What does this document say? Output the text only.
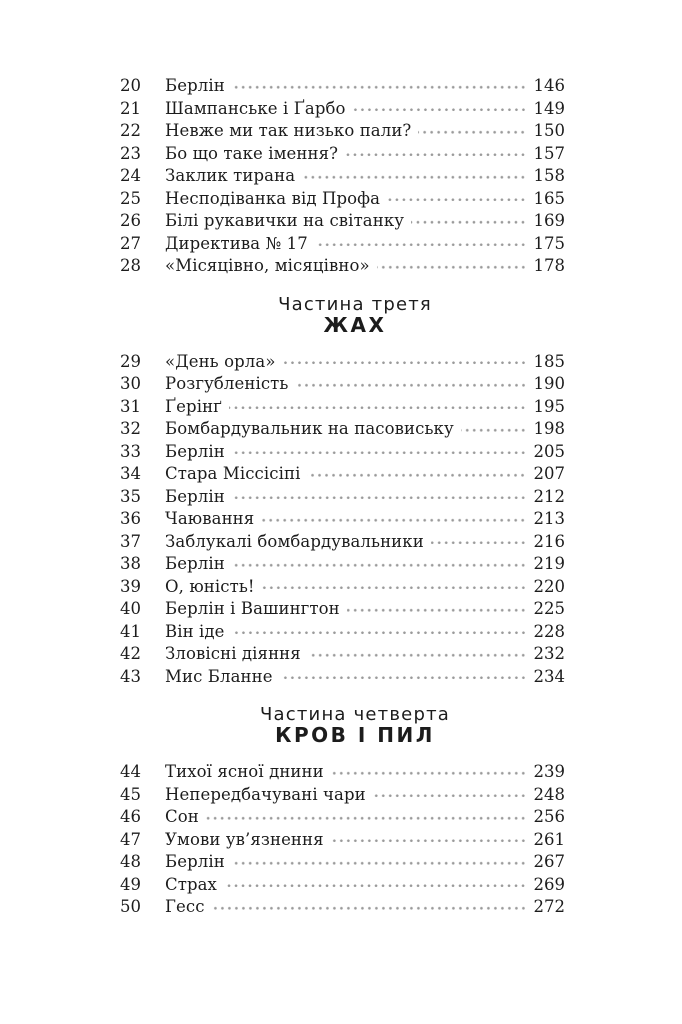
20	Берлін	146
21	Шампанське і Ґарбо	149
22	Невже ми так низько пали?	150
23	Бо що таке імення?	157
24	Заклик тирана	158
25	Несподіванка від Профа	165
26	Білі рукавички на світанку	169
27	Директива № 17	175
28	«Місяцівно, місяцівно»	178
Частина третя
ЖАХ
29	«День орла»	185
30	Розгубленість	190
31	Ґерінґ	195
32	Бомбардувальник на пасовиську	198
33	Берлін	205
34	Стара Міссісіпі	207
35	Берлін	212
36	Чаювання	213
37	Заблукалі бомбардувальники	216
38	Берлін	219
39	О, юність!	220
40	Берлін і Вашингтон	225
41	Він іде	228
42	Зловісні діяння	232
43	Мис Бланне	234
Частина четверта
КРОВ І ПИЛ
44	Тихої ясної днини	239
45	Непередбачувані чари	248
46	Сон	256
47	Умови ув’язнення	261
48	Берлін	267
49	Страх	269
50	Гесс	272
